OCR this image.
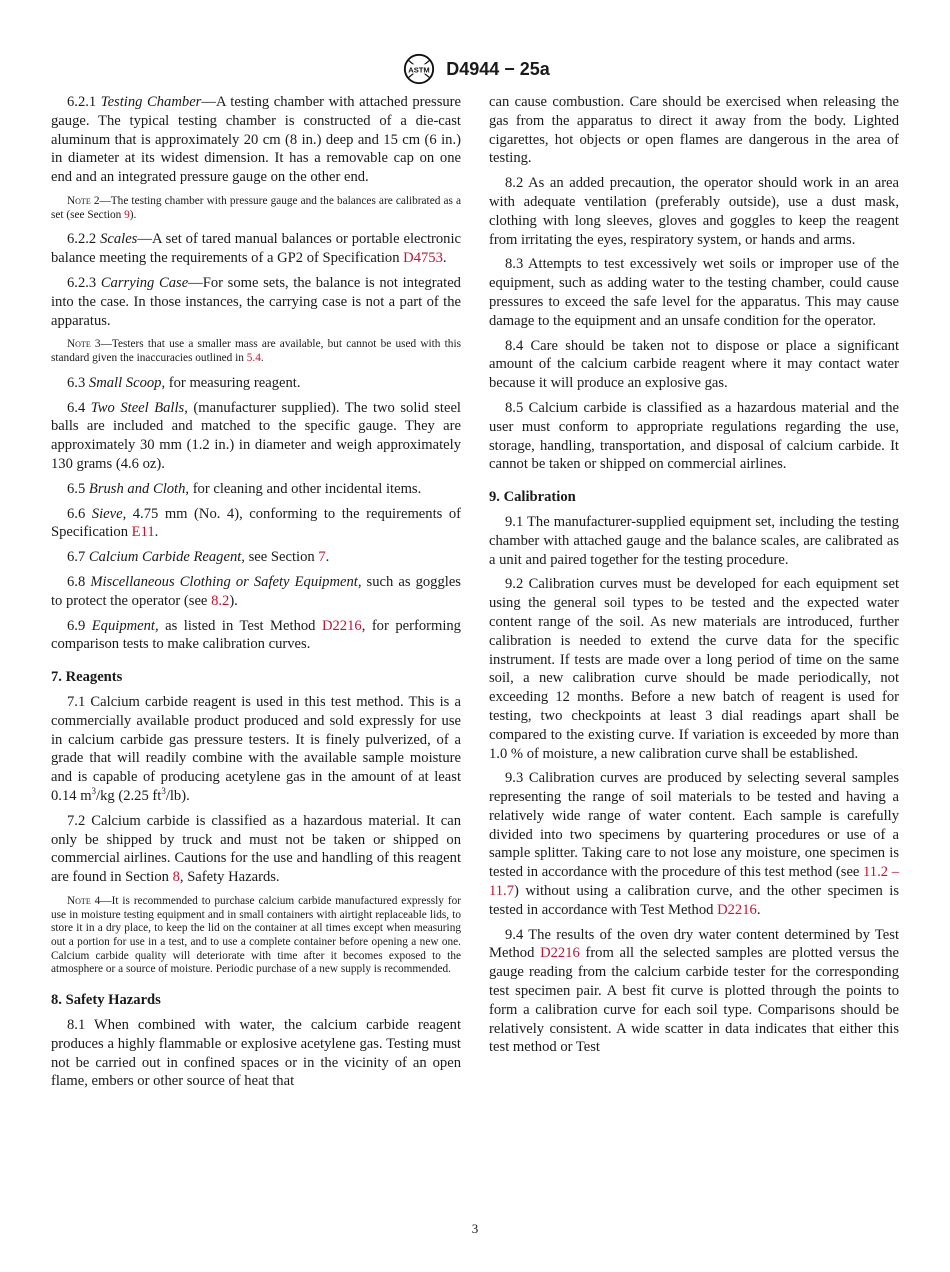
ASTM D4944 − 25a

6.2.1 Testing Chamber—A testing chamber with attached pressure gauge. The typical testing chamber is constructed of a die-cast aluminum that is approximately 20 cm (8 in.) deep and 15 cm (6 in.) in diameter at its widest dimension. It has a removable cap on one end and an integrated pressure gauge on the other end.

Note 2—The testing chamber with pressure gauge and the balances are calibrated as a set (see Section 9).

6.2.2 Scales—A set of tared manual balances or portable electronic balance meeting the requirements of a GP2 of Specification D4753.

6.2.3 Carrying Case—For some sets, the balance is not integrated into the case. In those instances, the carrying case is not a part of the apparatus.

Note 3—Testers that use a smaller mass are available, but cannot be used with this standard given the inaccuracies outlined in 5.4.

6.3 Small Scoop, for measuring reagent.

6.4 Two Steel Balls, (manufacturer supplied). The two solid steel balls are included and matched to the specific gauge. They are approximately 30 mm (1.2 in.) in diameter and weigh approximately 130 grams (4.6 oz).

6.5 Brush and Cloth, for cleaning and other incidental items.

6.6 Sieve, 4.75 mm (No. 4), conforming to the requirements of Specification E11.

6.7 Calcium Carbide Reagent, see Section 7.

6.8 Miscellaneous Clothing or Safety Equipment, such as goggles to protect the operator (see 8.2).

6.9 Equipment, as listed in Test Method D2216, for performing comparison tests to make calibration curves.

7. Reagents

7.1 Calcium carbide reagent is used in this test method. This is a commercially available product produced and sold expressly for use in calcium carbide gas pressure testers. It is finely pulverized, of a grade that will readily combine with the available sample moisture and is capable of producing acetylene gas in the amount of at least 0.14 $m^3/kg$ (2.25 $ft^3/lb$).

7.2 Calcium carbide is classified as a hazardous material. It can only be shipped by truck and must not be taken or shipped on commercial airlines. Cautions for the use and handling of this reagent are found in Section 8, Safety Hazards.

Note 4—It is recommended to purchase calcium carbide manufactured expressly for use in moisture testing equipment and in small containers with airtight replaceable lids, to store it in a dry place, to keep the lid on the container at all times except when measuring out a portion for use in a test, and to use a complete container before opening a new one. Calcium carbide quality will deteriorate with time after it becomes exposed to the atmosphere or a source of moisture. Periodic purchase of a new supply is recommended.

8. Safety Hazards

8.1 When combined with water, the calcium carbide reagent produces a highly flammable or explosive acetylene gas. Testing must not be carried out in confined spaces or in the vicinity of an open flame, embers or other source of heat that

can cause combustion. Care should be exercised when releasing the gas from the apparatus to direct it away from the body. Lighted cigarettes, hot objects or open flames are dangerous in the area of testing.

8.2 As an added precaution, the operator should work in an area with adequate ventilation (preferably outside), use a dust mask, clothing with long sleeves, gloves and goggles to keep the reagent from irritating the eyes, respiratory system, or hands and arms.

8.3 Attempts to test excessively wet soils or improper use of the equipment, such as adding water to the testing chamber, could cause pressures to exceed the safe level for the apparatus. This may cause damage to the equipment and an unsafe condition for the operator.

8.4 Care should be taken not to dispose or place a significant amount of the calcium carbide reagent where it may contact water because it will produce an explosive gas.

8.5 Calcium carbide is classified as a hazardous material and the user must conform to appropriate regulations regarding the use, storage, handling, transportation, and disposal of calcium carbide. It cannot be taken or shipped on commercial airlines.

9. Calibration

9.1 The manufacturer-supplied equipment set, including the testing chamber with attached gauge and the balance scales, are calibrated as a unit and paired together for the testing procedure.

9.2 Calibration curves must be developed for each equipment set using the general soil types to be tested and the expected water content range of the soil. As new materials are introduced, further calibration is needed to extend the curve data for the specific instrument. If tests are made over a long period of time on the same soil, a new calibration curve should be made periodically, not exceeding 12 months. Before a new batch of reagent is used for testing, two checkpoints at least 3 dial readings apart shall be compared to the existing curve. If variation is exceeded by more than 1.0 % of moisture, a new calibration curve shall be established.

9.3 Calibration curves are produced by selecting several samples representing the range of soil materials to be tested and having a relatively wide range of water content. Each sample is carefully divided into two specimens by quartering procedures or use of a sample splitter. Taking care to not lose any moisture, one specimen is tested in accordance with the procedure of this test method (see 11.2 – 11.7) without using a calibration curve, and the other specimen is tested in accordance with Test Method D2216.

9.4 The results of the oven dry water content determined by Test Method D2216 from all the selected samples are plotted versus the gauge reading from the calcium carbide tester for the corresponding test specimen pair. A best fit curve is plotted through the points to form a calibration curve for each soil type. Comparisons should be relatively consistent. A wide scatter in data indicates that either this test method or Test

3
